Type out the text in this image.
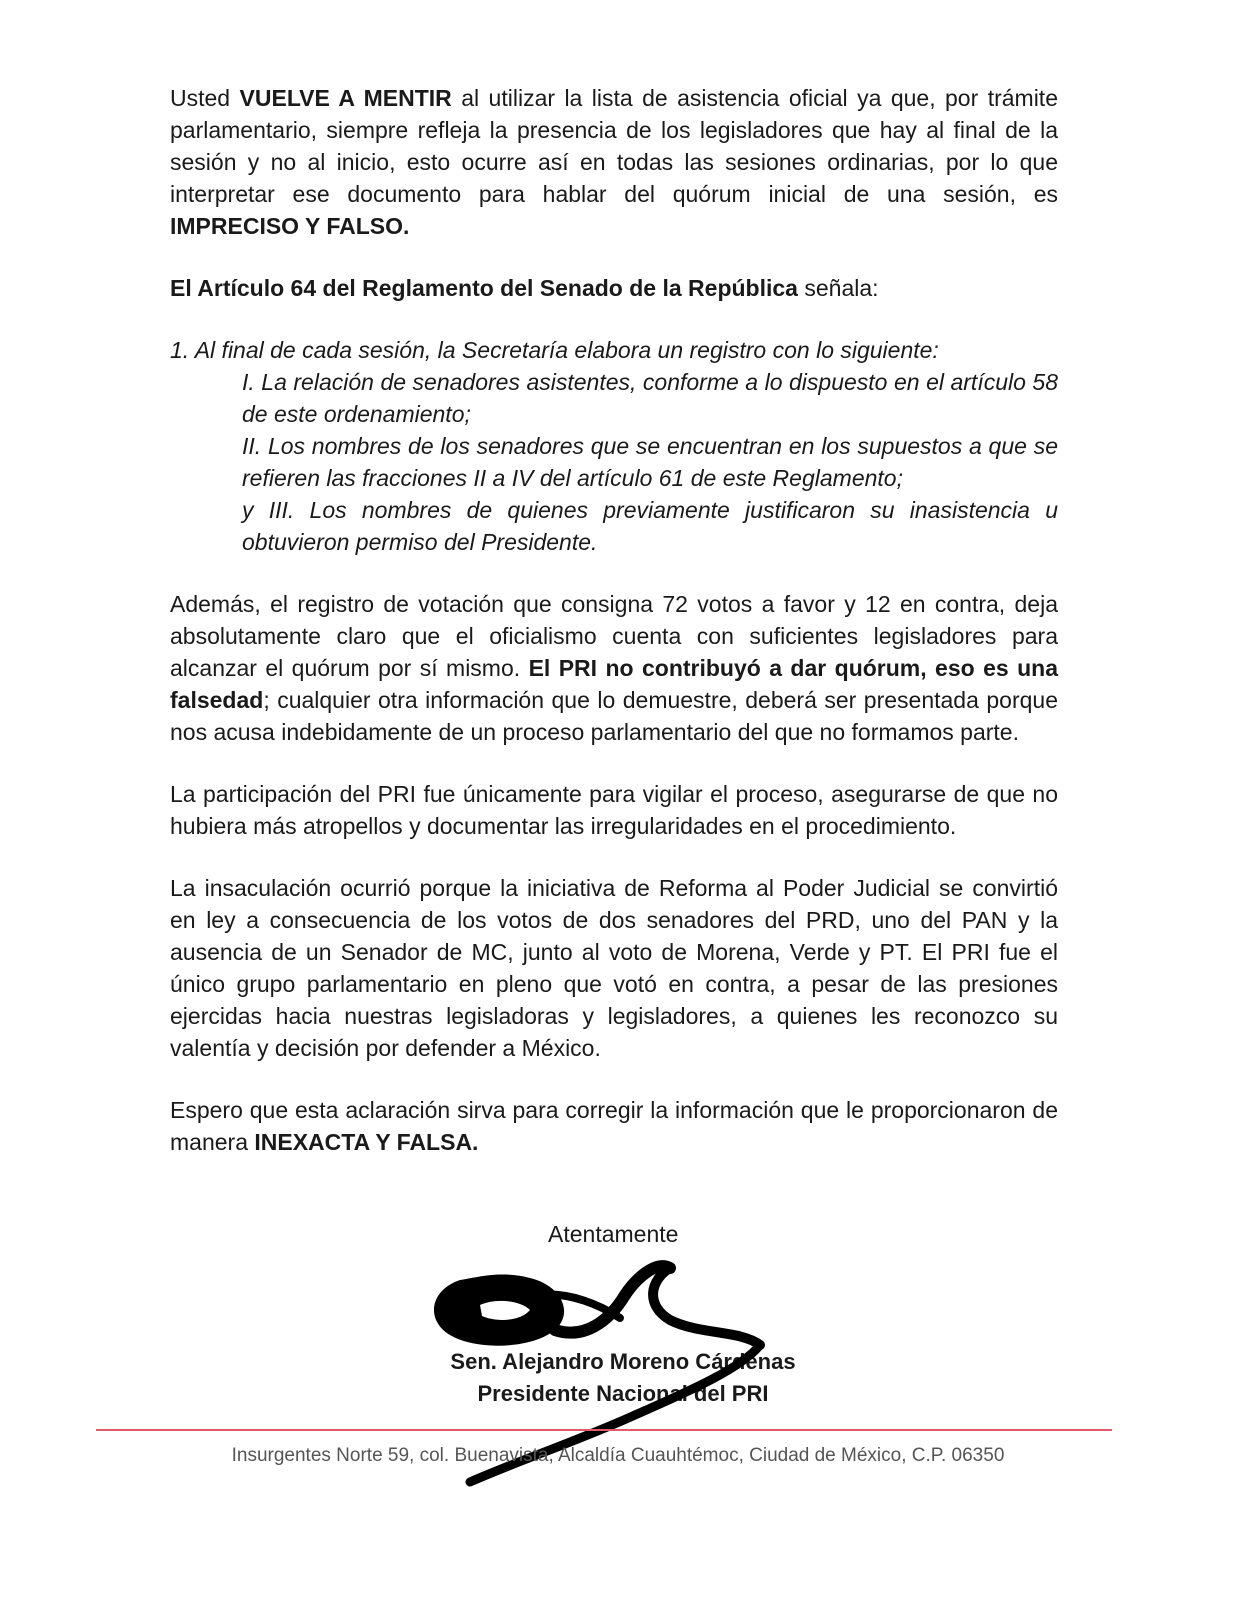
Usted VUELVE A MENTIR al utilizar la lista de asistencia oficial ya que, por trámite parlamentario, siempre refleja la presencia de los legisladores que hay al final de la sesión y no al inicio, esto ocurre así en todas las sesiones ordinarias, por lo que interpretar ese documento para hablar del quórum inicial de una sesión, es IMPRECISO Y FALSO.

El Artículo 64 del Reglamento del Senado de la República señala:

1. Al final de cada sesión, la Secretaría elabora un registro con lo siguiente:

I. La relación de senadores asistentes, conforme a lo dispuesto en el artículo 58 de este ordenamiento;

II. Los nombres de los senadores que se encuentran en los supuestos a que se refieren las fracciones II a IV del artículo 61 de este Reglamento;

y III. Los nombres de quienes previamente justificaron su inasistencia u obtuvieron permiso del Presidente.

Además, el registro de votación que consigna 72 votos a favor y 12 en contra, deja absolutamente claro que el oficialismo cuenta con suficientes legisladores para alcanzar el quórum por sí mismo. El PRI no contribuyó a dar quórum, eso es una falsedad; cualquier otra información que lo demuestre, deberá ser presentada porque nos acusa indebidamente de un proceso parlamentario del que no formamos parte.

La participación del PRI fue únicamente para vigilar el proceso, asegurarse de que no hubiera más atropellos y documentar las irregularidades en el procedimiento.

La insaculación ocurrió porque la iniciativa de Reforma al Poder Judicial se convirtió en ley a consecuencia de los votos de dos senadores del PRD, uno del PAN y la ausencia de un Senador de MC, junto al voto de Morena, Verde y PT. El PRI fue el único grupo parlamentario en pleno que votó en contra, a pesar de las presiones ejercidas hacia nuestras legisladoras y legisladores, a quienes les reconozco su valentía y decisión por defender a México.

Espero que esta aclaración sirva para corregir la información que le proporcionaron de manera INEXACTA Y FALSA.

Atentamente
Sen. Alejandro Moreno Cárdenas
Presidente Nacional del PRI
Insurgentes Norte 59, col. Buenavista, Alcaldía Cuauhtémoc, Ciudad de México, C.P. 06350
